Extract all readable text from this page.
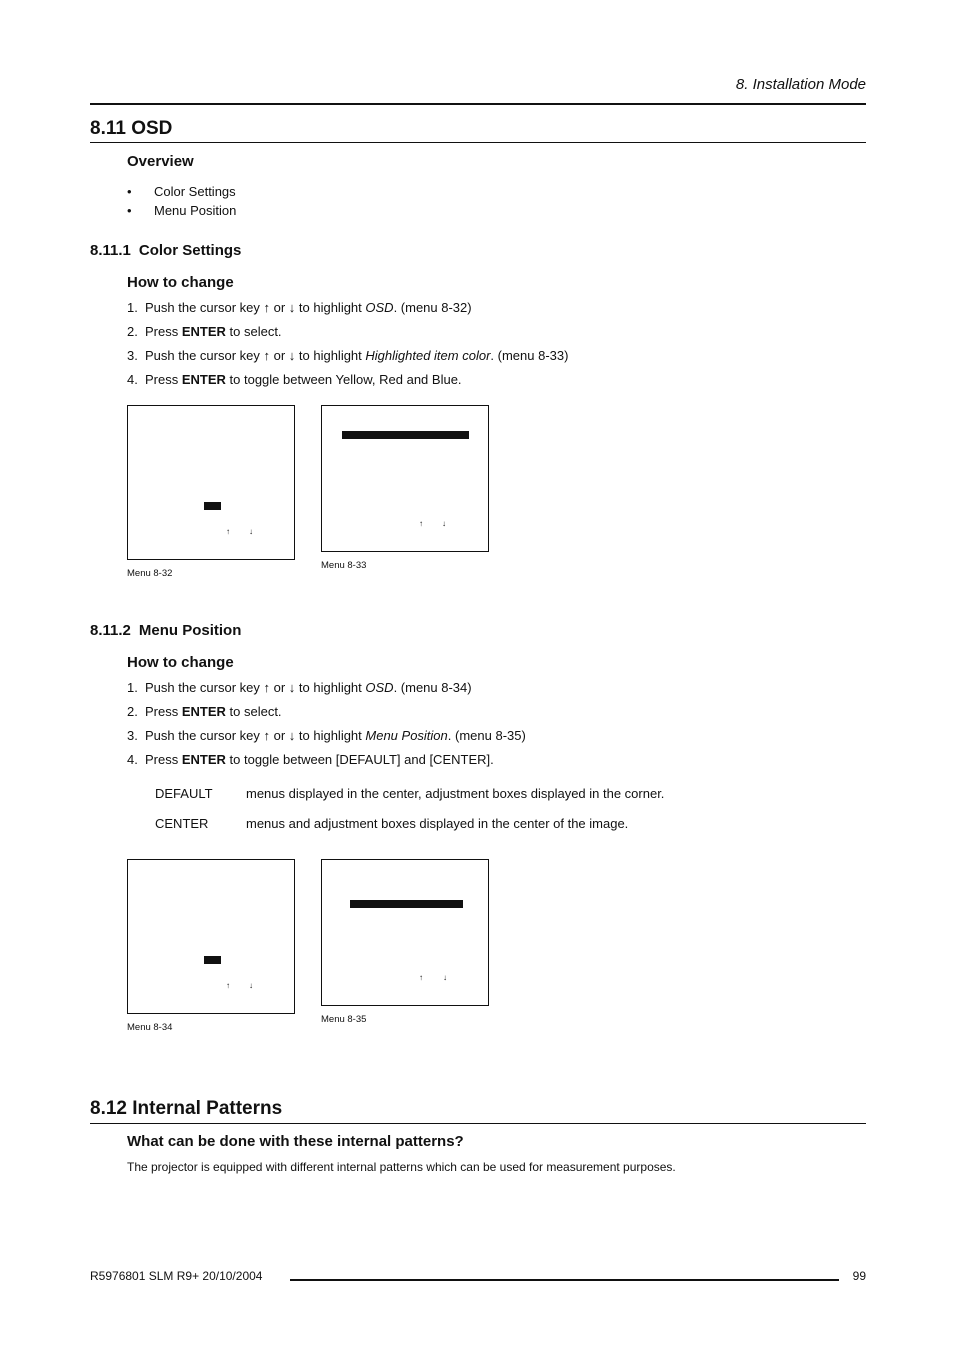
8. Installation Mode
8.11 OSD
Overview
• Color Settings
• Menu Position
8.11.1 Color Settings
How to change
1. Push the cursor key ↑ or ↓ to highlight OSD. (menu 8-32)
2. Press ENTER to select.
3. Push the cursor key ↑ or ↓ to highlight Highlighted item color. (menu 8-33)
4. Press ENTER to toggle between Yellow, Red and Blue.
↑ ↓
Menu 8-32
↑ ↓
Menu 8-33
8.11.2 Menu Position
How to change
1. Push the cursor key ↑ or ↓ to highlight OSD. (menu 8-34)
2. Press ENTER to select.
3. Push the cursor key ↑ or ↓ to highlight Menu Position. (menu 8-35)
4. Press ENTER to toggle between [DEFAULT] and [CENTER].
DEFAULT	menus displayed in the center, adjustment boxes displayed in the corner.
CENTER	menus and adjustment boxes displayed in the center of the image.
↑ ↓
Menu 8-34
↑	↓
Menu 8-35
8.12 Internal Patterns
What can be done with these internal patterns?
The projector is equipped with different internal patterns which can be used for measurement purposes.
R5976801 SLM R9+ 20/10/2004	99
